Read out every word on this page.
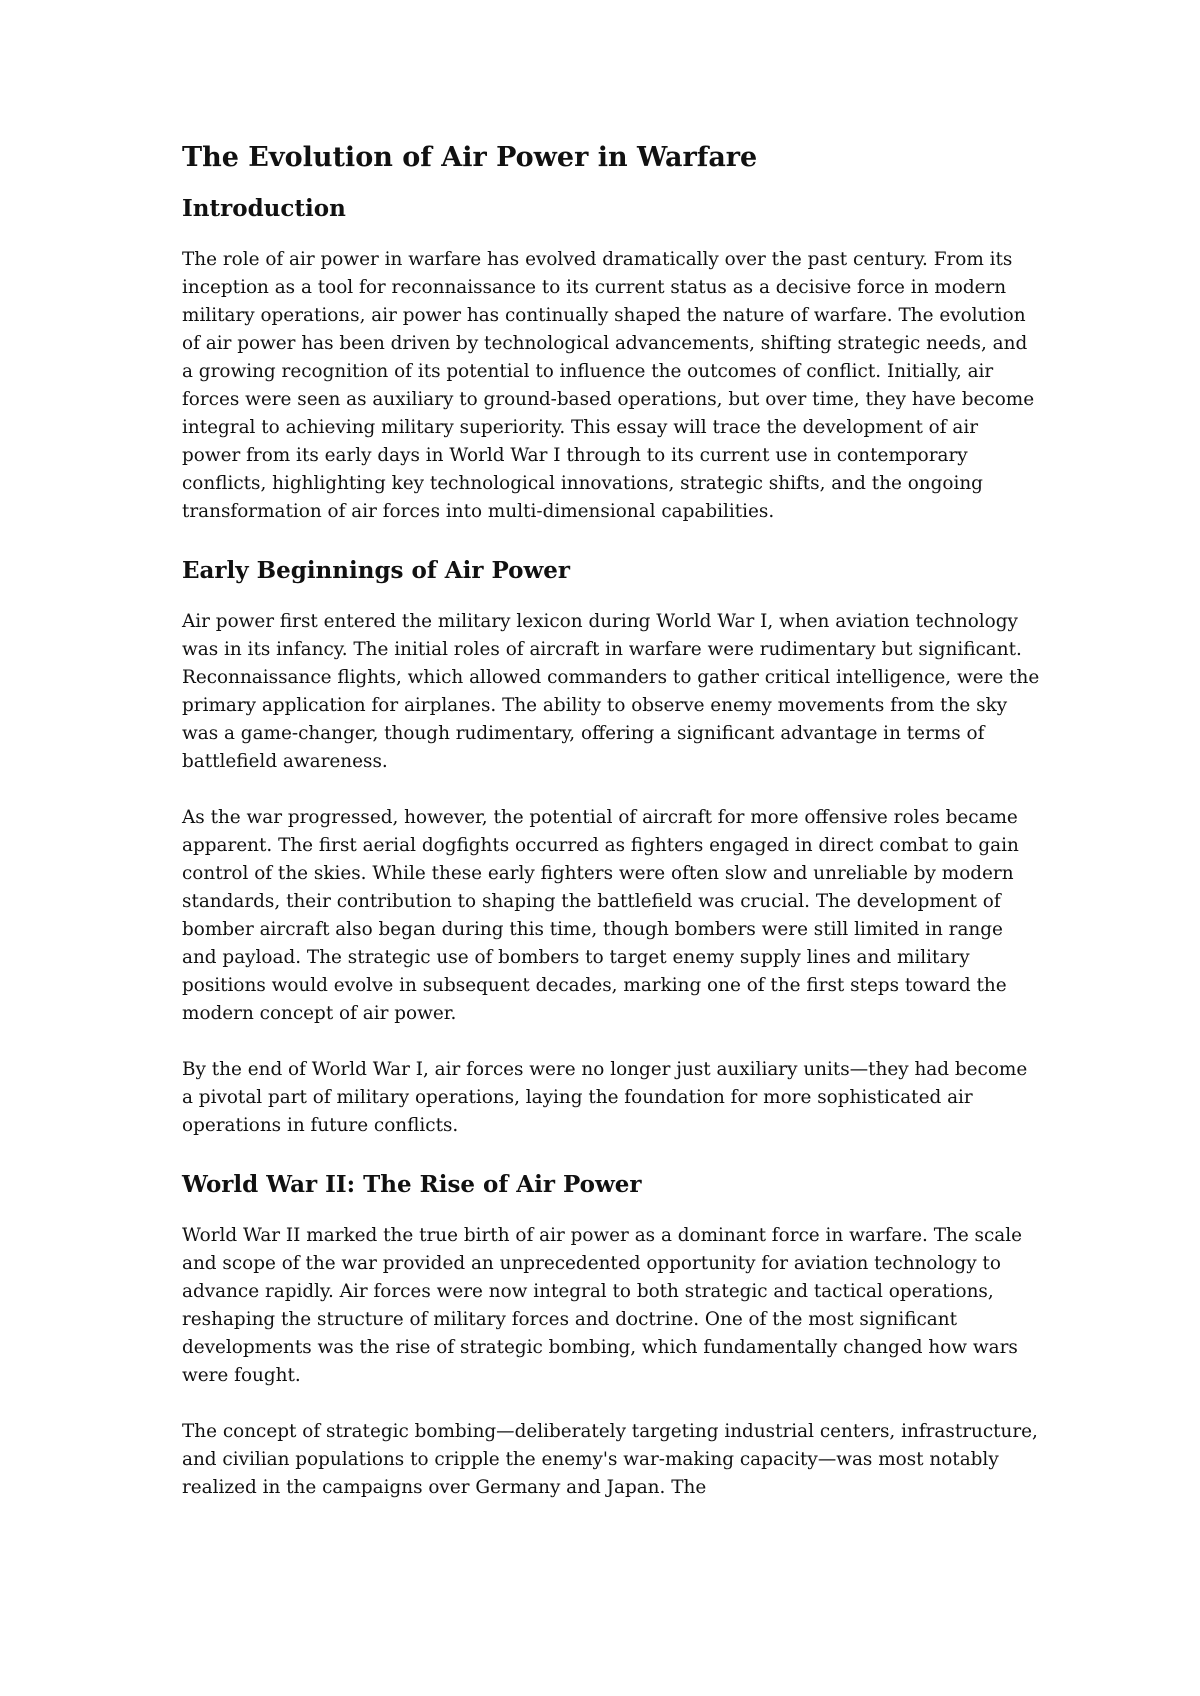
The Evolution of Air Power in Warfare
Introduction

The role of air power in warfare has evolved dramatically over the past century. From its inception as a tool for reconnaissance to its current status as a decisive force in modern military operations, air power has continually shaped the nature of warfare. The evolution of air power has been driven by technological advancements, shifting strategic needs, and a growing recognition of its potential to influence the outcomes of conflict. Initially, air forces were seen as auxiliary to ground-based operations, but over time, they have become integral to achieving military superiority. This essay will trace the development of air power from its early days in World War I through to its current use in contemporary conflicts, highlighting key technological innovations, strategic shifts, and the ongoing transformation of air forces into multi-dimensional capabilities.

Early Beginnings of Air Power

Air power first entered the military lexicon during World War I, when aviation technology was in its infancy. The initial roles of aircraft in warfare were rudimentary but significant. Reconnaissance flights, which allowed commanders to gather critical intelligence, were the primary application for airplanes. The ability to observe enemy movements from the sky was a game-changer, though rudimentary, offering a significant advantage in terms of battlefield awareness.

As the war progressed, however, the potential of aircraft for more offensive roles became apparent. The first aerial dogfights occurred as fighters engaged in direct combat to gain control of the skies. While these early fighters were often slow and unreliable by modern standards, their contribution to shaping the battlefield was crucial. The development of bomber aircraft also began during this time, though bombers were still limited in range and payload. The strategic use of bombers to target enemy supply lines and military positions would evolve in subsequent decades, marking one of the first steps toward the modern concept of air power.

By the end of World War I, air forces were no longer just auxiliary units—they had become a pivotal part of military operations, laying the foundation for more sophisticated air operations in future conflicts.

World War II: The Rise of Air Power

World War II marked the true birth of air power as a dominant force in warfare. The scale and scope of the war provided an unprecedented opportunity for aviation technology to advance rapidly. Air forces were now integral to both strategic and tactical operations, reshaping the structure of military forces and doctrine. One of the most significant developments was the rise of strategic bombing, which fundamentally changed how wars were fought.

The concept of strategic bombing—deliberately targeting industrial centers, infrastructure, and civilian populations to cripple the enemy's war-making capacity—was most notably realized in the campaigns over Germany and Japan. The
